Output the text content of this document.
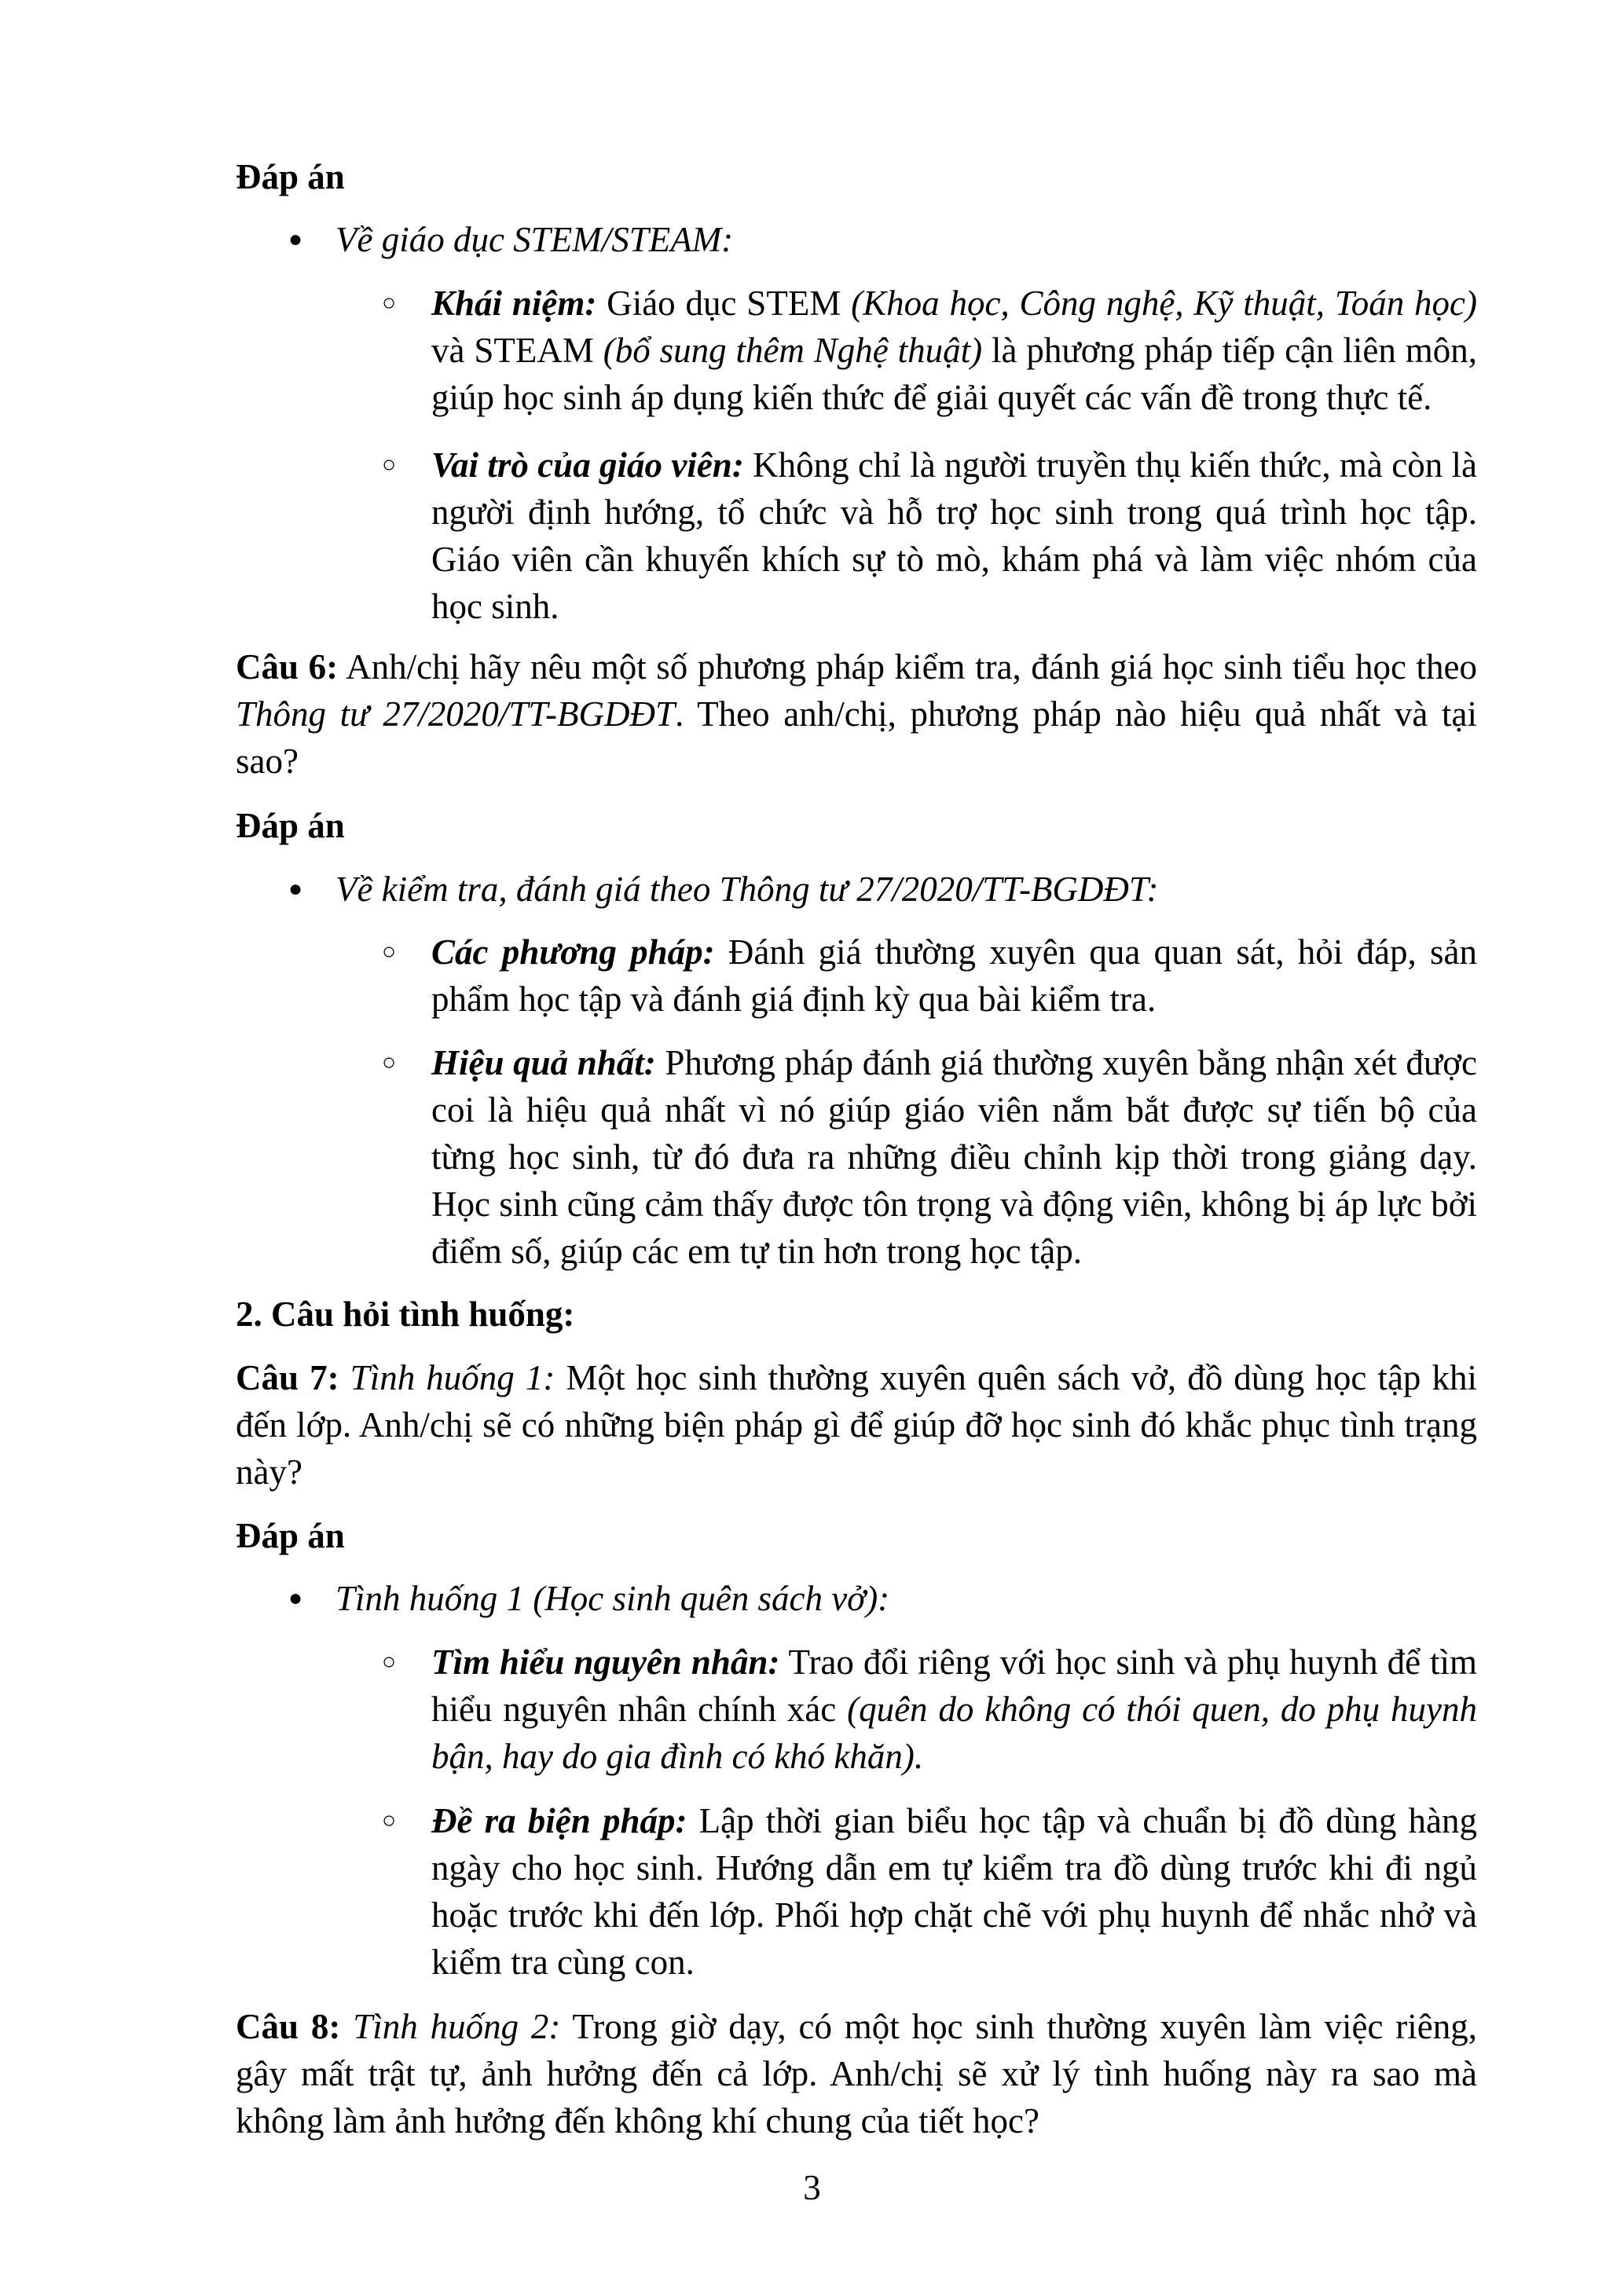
Đáp án
● Về giáo dục STEM/STEAM:
○ Khái niệm: Giáo dục STEM (Khoa học, Công nghệ, Kỹ thuật, Toán học) và STEAM (bổ sung thêm Nghệ thuật) là phương pháp tiếp cận liên môn, giúp học sinh áp dụng kiến thức để giải quyết các vấn đề trong thực tế.
○ Vai trò của giáo viên: Không chỉ là người truyền thụ kiến thức, mà còn là người định hướng, tổ chức và hỗ trợ học sinh trong quá trình học tập. Giáo viên cần khuyến khích sự tò mò, khám phá và làm việc nhóm của học sinh.
Câu 6: Anh/chị hãy nêu một số phương pháp kiểm tra, đánh giá học sinh tiểu học theo Thông tư 27/2020/TT-BGDĐT. Theo anh/chị, phương pháp nào hiệu quả nhất và tại sao?
Đáp án
● Về kiểm tra, đánh giá theo Thông tư 27/2020/TT-BGDĐT:
○ Các phương pháp: Đánh giá thường xuyên qua quan sát, hỏi đáp, sản phẩm học tập và đánh giá định kỳ qua bài kiểm tra.
○ Hiệu quả nhất: Phương pháp đánh giá thường xuyên bằng nhận xét được coi là hiệu quả nhất vì nó giúp giáo viên nắm bắt được sự tiến bộ của từng học sinh, từ đó đưa ra những điều chỉnh kịp thời trong giảng dạy. Học sinh cũng cảm thấy được tôn trọng và động viên, không bị áp lực bởi điểm số, giúp các em tự tin hơn trong học tập.
2. Câu hỏi tình huống:
Câu 7: Tình huống 1: Một học sinh thường xuyên quên sách vở, đồ dùng học tập khi đến lớp. Anh/chị sẽ có những biện pháp gì để giúp đỡ học sinh đó khắc phục tình trạng này?
Đáp án
● Tình huống 1 (Học sinh quên sách vở):
○ Tìm hiểu nguyên nhân: Trao đổi riêng với học sinh và phụ huynh để tìm hiểu nguyên nhân chính xác (quên do không có thói quen, do phụ huynh bận, hay do gia đình có khó khăn).
○ Đề ra biện pháp: Lập thời gian biểu học tập và chuẩn bị đồ dùng hàng ngày cho học sinh. Hướng dẫn em tự kiểm tra đồ dùng trước khi đi ngủ hoặc trước khi đến lớp. Phối hợp chặt chẽ với phụ huynh để nhắc nhở và kiểm tra cùng con.
Câu 8: Tình huống 2: Trong giờ dạy, có một học sinh thường xuyên làm việc riêng, gây mất trật tự, ảnh hưởng đến cả lớp. Anh/chị sẽ xử lý tình huống này ra sao mà không làm ảnh hưởng đến không khí chung của tiết học?
3
